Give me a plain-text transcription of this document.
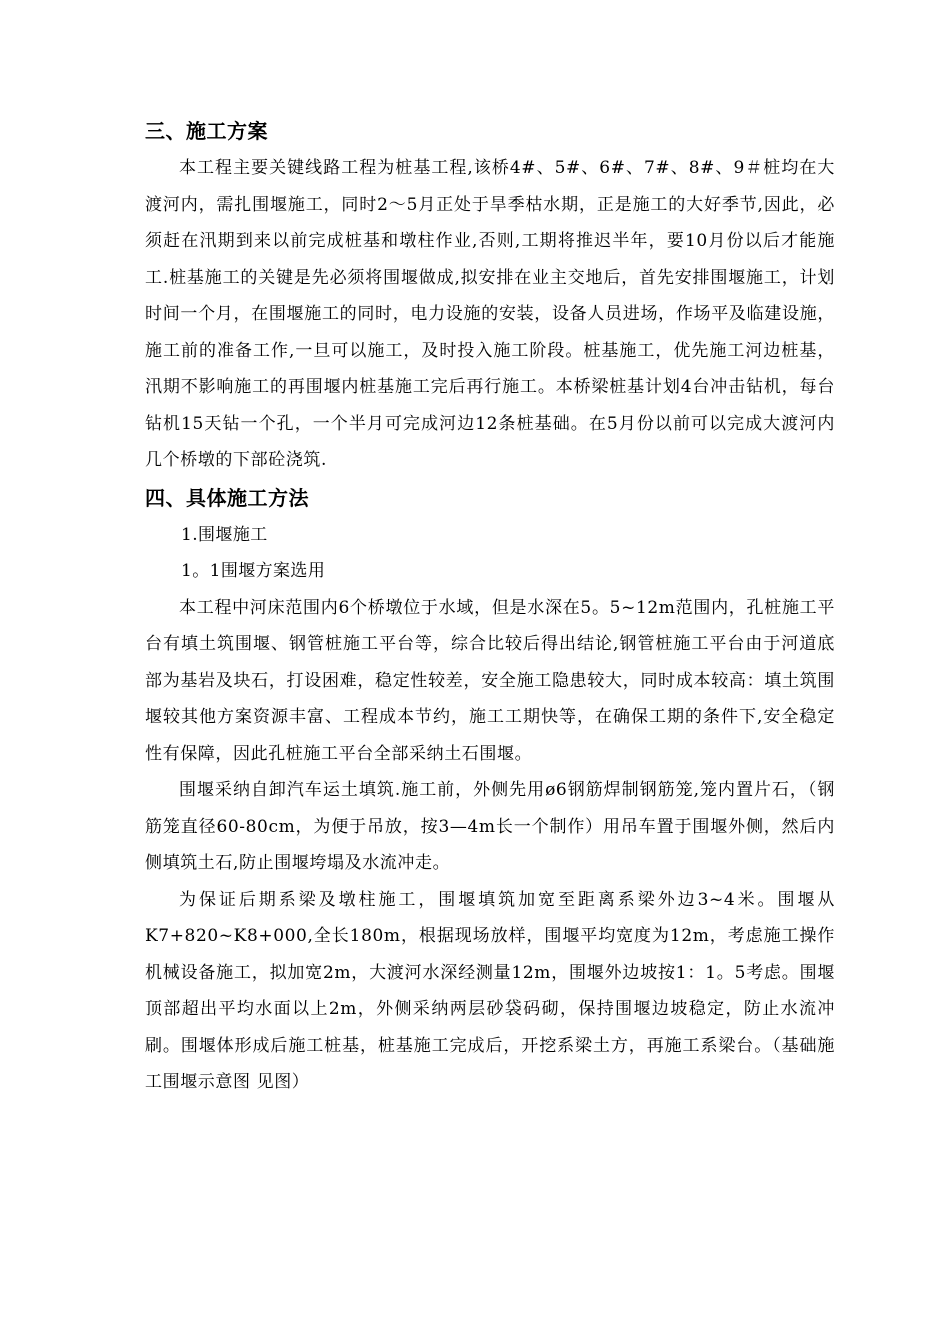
三、施工方案

本工程主要关键线路工程为桩基工程,该桥4#、5#、6#、7#、8#、9＃桩均在大渡河内，需扎围堰施工，同时2～5月正处于旱季枯水期，正是施工的大好季节,因此，必须赶在汛期到来以前完成桩基和墩柱作业,否则,工期将推迟半年，要10月份以后才能施工.桩基施工的关键是先必须将围堰做成,拟安排在业主交地后，首先安排围堰施工，计划时间一个月，在围堰施工的同时，电力设施的安装，设备人员进场，作场平及临建设施，施工前的准备工作,一旦可以施工，及时投入施工阶段。桩基施工，优先施工河边桩基，汛期不影响施工的再围堰内桩基施工完后再行施工。本桥梁桩基计划4台冲击钻机，每台钻机15天钻一个孔，一个半月可完成河边12条桩基础。在5月份以前可以完成大渡河内几个桥墩的下部砼浇筑.

四、具体施工方法

1.围堰施工

1。1围堰方案选用

本工程中河床范围内6个桥墩位于水域，但是水深在5。5~12m范围内，孔桩施工平台有填土筑围堰、钢管桩施工平台等，综合比较后得出结论,钢管桩施工平台由于河道底部为基岩及块石，打设困难，稳定性较差，安全施工隐患较大，同时成本较高：填土筑围堰较其他方案资源丰富、工程成本节约，施工工期快等，在确保工期的条件下,安全稳定性有保障，因此孔桩施工平台全部采纳土石围堰。

围堰采纳自卸汽车运土填筑.施工前，外侧先用ø6钢筋焊制钢筋笼,笼内置片石，（钢筋笼直径60-80cm，为便于吊放，按3—4m长一个制作）用吊车置于围堰外侧，然后内侧填筑土石,防止围堰垮塌及水流冲走。

为保证后期系梁及墩柱施工，围堰填筑加宽至距离系梁外边3~4米。围堰从K7+820~K8+000,全长180m，根据现场放样，围堰平均宽度为12m，考虑施工操作机械设备施工，拟加宽2m，大渡河水深经测量12m，围堰外边坡按1：1。5考虑。围堰顶部超出平均水面以上2m，外侧采纳两层砂袋码砌，保持围堰边坡稳定，防止水流冲刷。围堰体形成后施工桩基，桩基施工完成后，开挖系梁土方，再施工系梁台。（基础施工围堰示意图 见图）
